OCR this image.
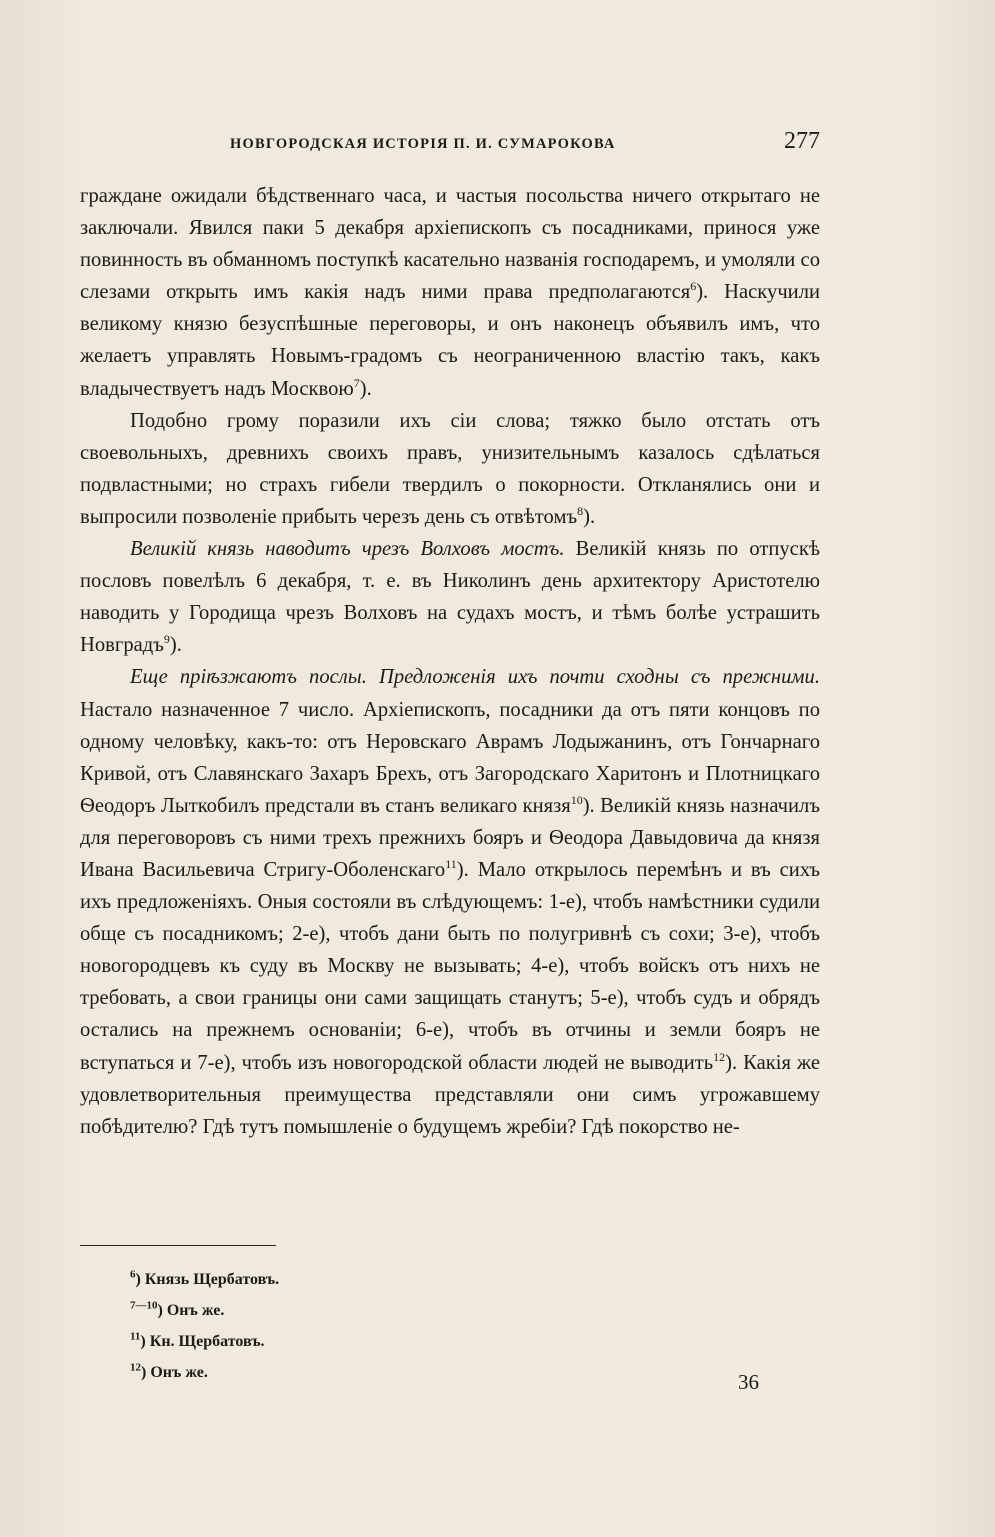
НОВГОРОДСКАЯ ИСТОРІЯ П. И. СУМАРОКОВА	277

граждане ожидали бѣдственнаго часа, и частыя посольства ничего открытаго не заключали. Явился паки 5 декабря архіепископъ съ посадниками, принося уже повинность въ обманномъ поступкѣ касательно названія господаремъ, и умоляли со слезами открыть имъ какія надъ ними права предполагаются$^6$). Наскучили великому князю безуспѣшные переговоры, и онъ наконецъ объявилъ имъ, что желаетъ управлять Новымъ-градомъ съ неограниченною властію такъ, какъ владычествуетъ надъ Москвою$^7$).

Подобно грому поразили ихъ сіи слова; тяжко было отстать отъ своевольныхъ, древнихъ своихъ правъ, унизительнымъ казалось сдѣлаться подвластными; но страхъ гибели твердилъ о покорности. Откланялись они и выпросили позволеніе прибыть черезъ день съ отвѣтомъ$^8$).

Великій князь наводитъ чрезъ Волховъ мостъ. Великій князь по отпускѣ пословъ повелѣлъ 6 декабря, т. е. въ Николинъ день архитектору Аристотелю наводить у Городища чрезъ Волховъ на судахъ мостъ, и тѣмъ болѣе устрашить Новградъ$^9$).

Еще пріѣзжаютъ послы. Предложенія ихъ почти сходны съ прежними. Настало назначенное 7 число. Архіепископъ, посадники да отъ пяти концовъ по одному человѣку, какъ-то: отъ Неровскаго Аврамъ Лодыжанинъ, отъ Гончарнаго Кривой, отъ Славянскаго Захаръ Брехъ, отъ Загородскаго Харитонъ и Плотницкаго Ѳеодоръ Лыткобилъ предстали въ станъ великаго князя$^{10}$). Великій князь назначилъ для переговоровъ съ ними трехъ прежнихъ бояръ и Ѳеодора Давыдовича да князя Ивана Васильевича Стригу-Оболенскаго$^{11}$). Мало открылось перемѣнъ и въ сихъ ихъ предложеніяхъ. Оныя состояли въ слѣдующемъ: 1-е), чтобъ намѣстники судили обще съ посадникомъ; 2-е), чтобъ дани быть по полугривнѣ съ сохи; 3-е), чтобъ новогородцевъ къ суду въ Москву не вызывать; 4-е), чтобъ войскъ отъ нихъ не требовать, а свои границы они сами защищать станутъ; 5-е), чтобъ судъ и обрядъ остались на прежнемъ основаніи; 6-е), чтобъ въ отчины и земли бояръ не вступаться и 7-е), чтобъ изъ новогородской области людей не выводить$^{12}$). Какія же удовлетворительныя преимущества представляли они симъ угрожавшему побѣдителю? Гдѣ тутъ помышленіе о будущемъ жребіи? Гдѣ покорство не-

$^6$) Князь Щербатовъ.
$^{7—10}$) Онъ же.
$^{11}$) Кн. Щербатовъ.
$^{12}$) Онъ же.	36
